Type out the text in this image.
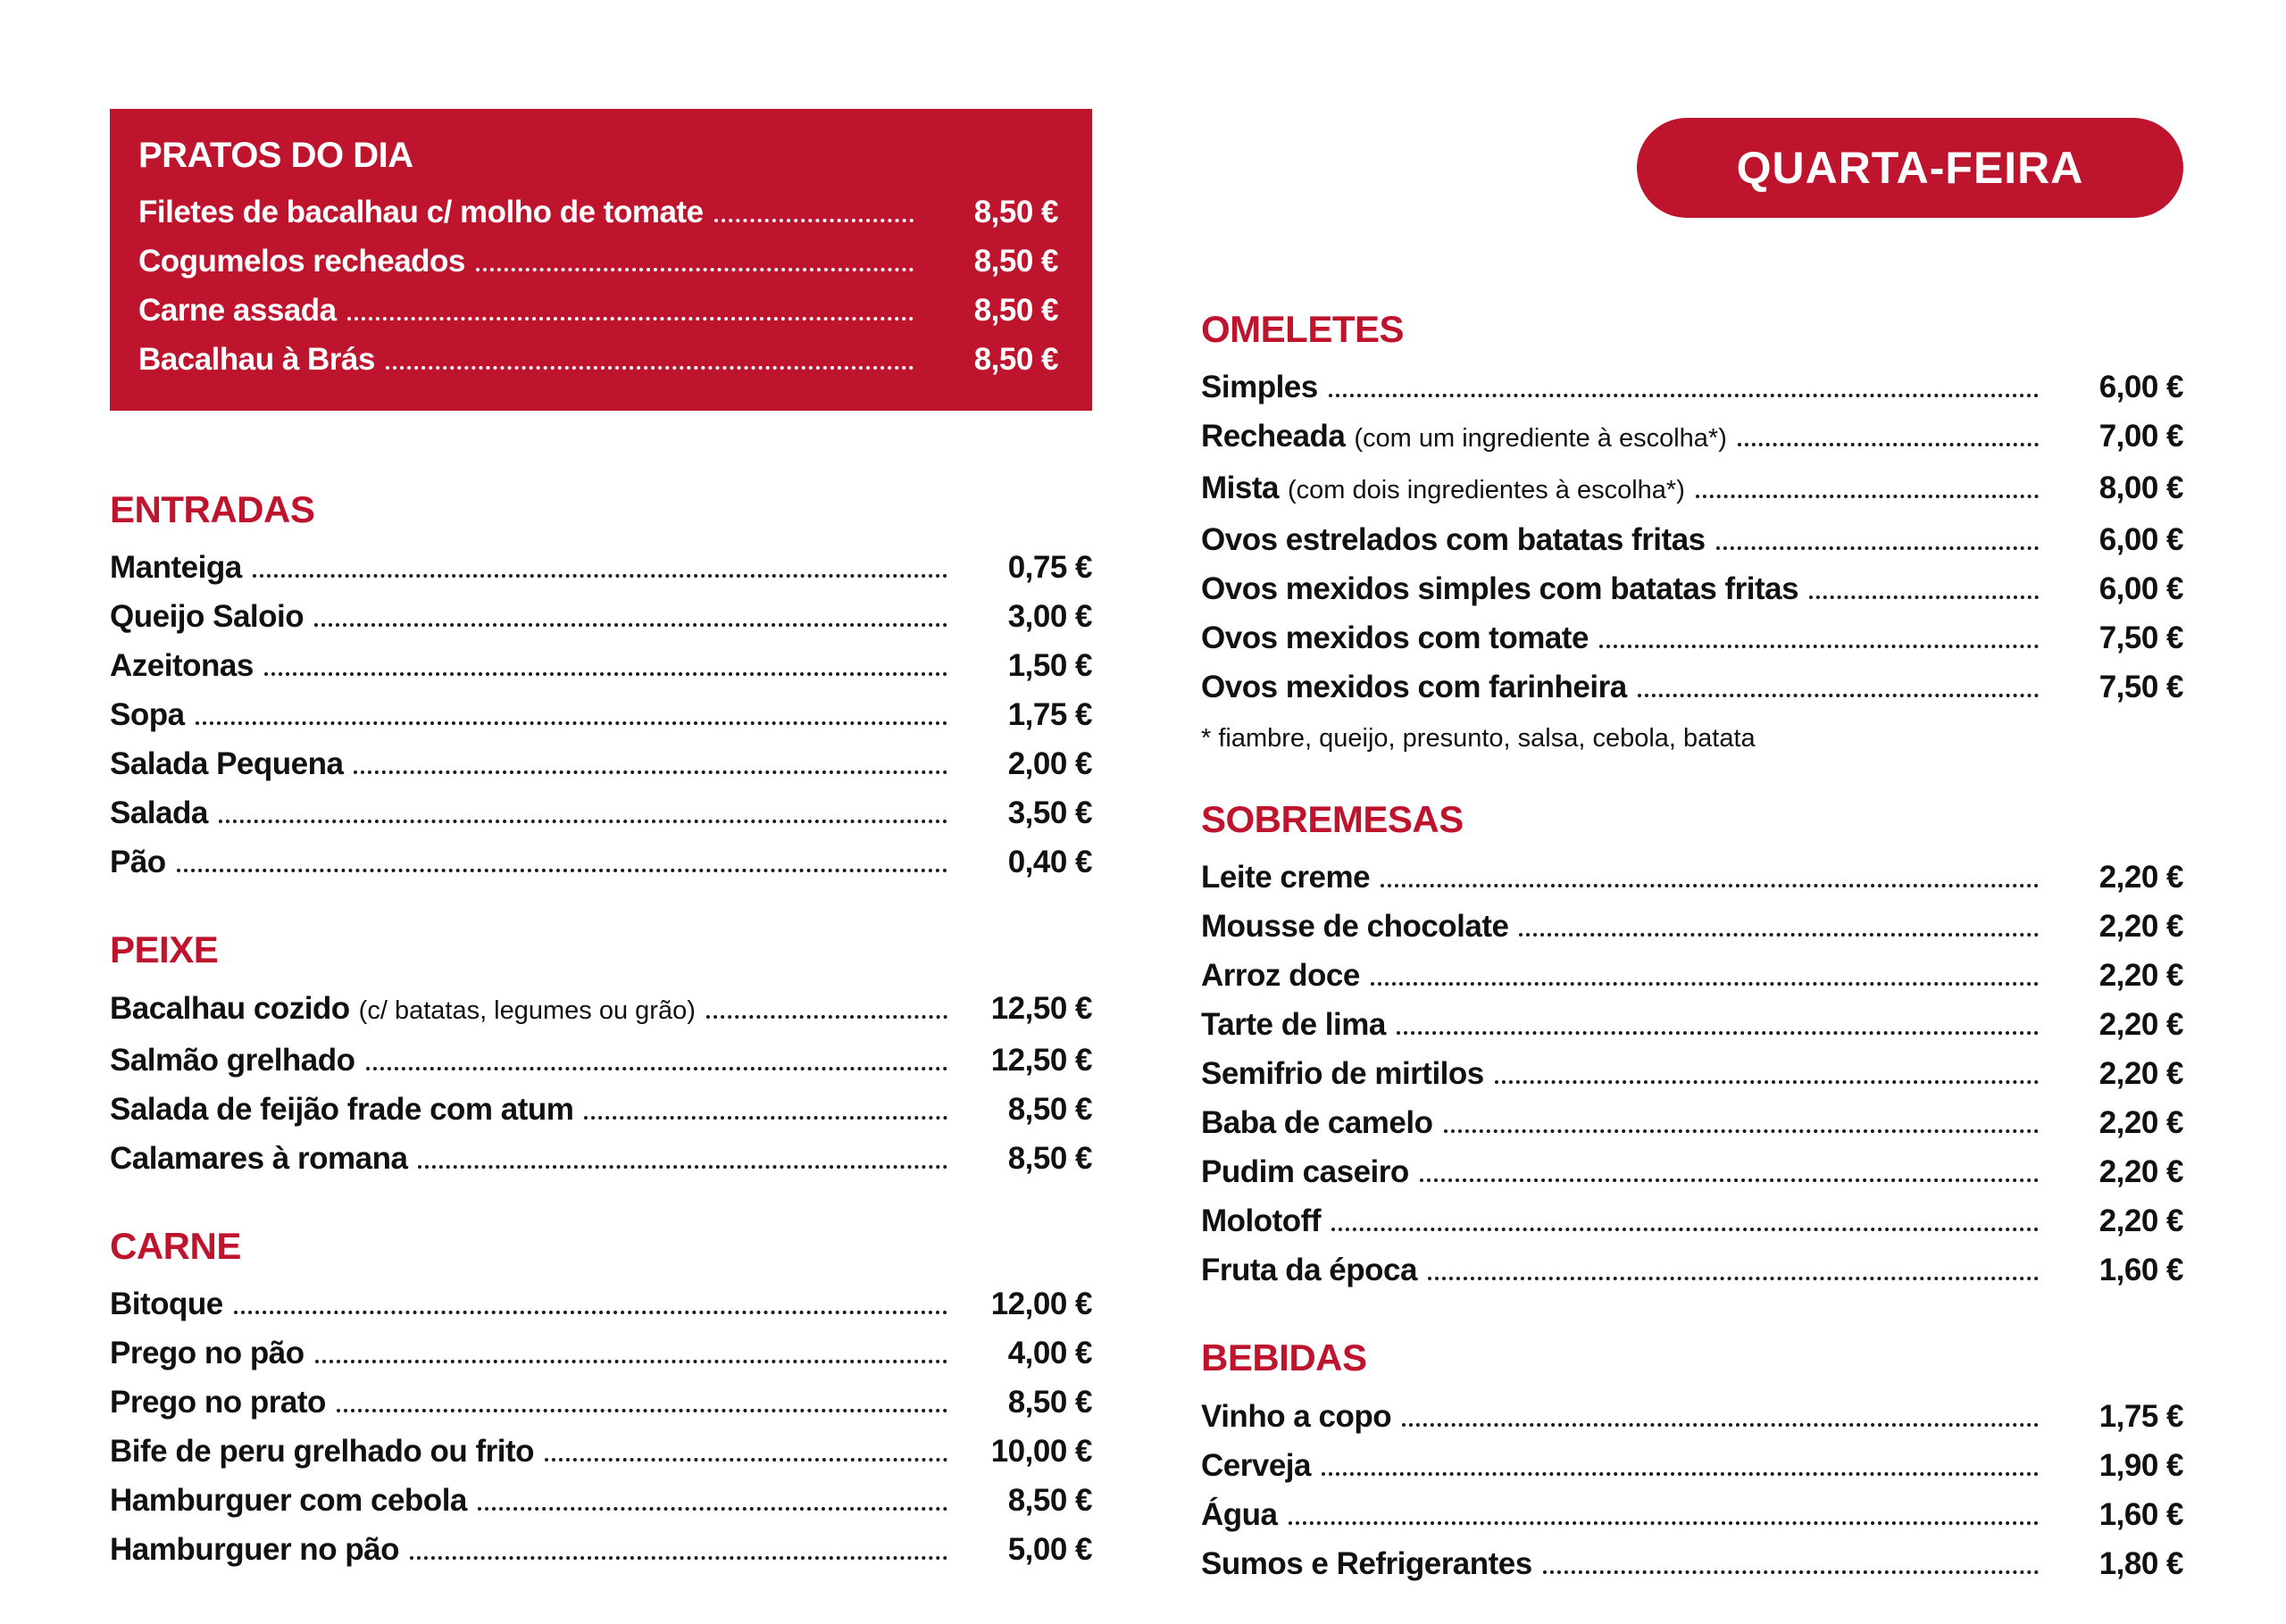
PRATOS DO DIA
Filetes de bacalhau c/ molho de tomate	8,50 €
Cogumelos recheados	8,50 €
Carne assada	8,50 €
Bacalhau à Brás	8,50 €
ENTRADAS
Manteiga	0,75 €
Queijo Saloio	3,00 €
Azeitonas	1,50 €
Sopa	1,75 €
Salada Pequena	2,00 €
Salada	3,50 €
Pão	0,40 €
PEIXE
Bacalhau cozido (c/ batatas, legumes ou grão)	12,50 €
Salmão grelhado	12,50 €
Salada de feijão frade com atum	8,50 €
Calamares à romana	8,50 €
CARNE
Bitoque	12,00 €
Prego no pão	4,00 €
Prego no prato	8,50 €
Bife de peru grelhado ou frito	10,00 €
Hamburguer com cebola	8,50 €
Hamburguer no pão	5,00 €
QUARTA-FEIRA
OMELETES
Simples	6,00 €
Recheada (com um ingrediente à escolha*)	7,00 €
Mista (com dois ingredientes à escolha*)	8,00 €
Ovos estrelados com batatas fritas	6,00 €
Ovos mexidos simples com batatas fritas	6,00 €
Ovos mexidos com tomate	7,50 €
Ovos mexidos com farinheira	7,50 €
* fiambre, queijo, presunto, salsa, cebola, batata
SOBREMESAS
Leite creme	2,20 €
Mousse de chocolate	2,20 €
Arroz doce	2,20 €
Tarte de lima	2,20 €
Semifrio de mirtilos	2,20 €
Baba de camelo	2,20 €
Pudim caseiro	2,20 €
Molotoff	2,20 €
Fruta da época	1,60 €
BEBIDAS
Vinho a copo	1,75 €
Cerveja	1,90 €
Água	1,60 €
Sumos e Refrigerantes	1,80 €
